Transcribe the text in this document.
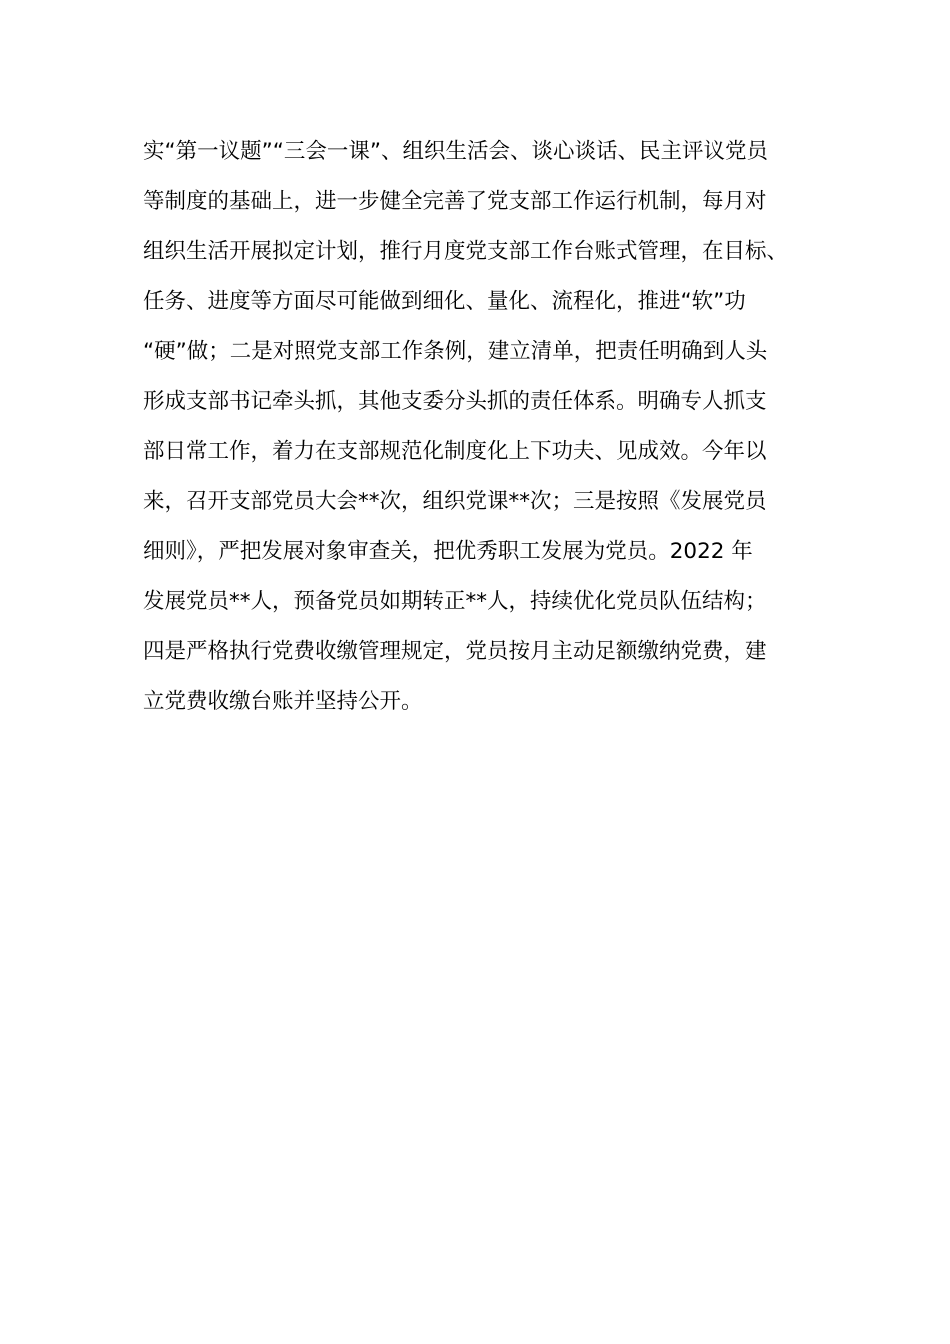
实“第一议题”“三会一课”、组织生活会、谈心谈话、民主评议党员
等制度的基础上，进一步健全完善了党支部工作运行机制，每月对
组织生活开展拟定计划，推行月度党支部工作台账式管理，在目标、
任务、进度等方面尽可能做到细化、量化、流程化，推进“软”功
“硬”做；二是对照党支部工作条例，建立清单，把责任明确到人头
形成支部书记牵头抓，其他支委分头抓的责任体系。明确专人抓支
部日常工作，着力在支部规范化制度化上下功夫、见成效。今年以
来，召开支部党员大会**次，组织党课**次；三是按照《发展党员
细则》，严把发展对象审查关，把优秀职工发展为党员。2022 年
发展党员**人，预备党员如期转正**人，持续优化党员队伍结构；
四是严格执行党费收缴管理规定，党员按月主动足额缴纳党费，建
立党费收缴台账并坚持公开。
